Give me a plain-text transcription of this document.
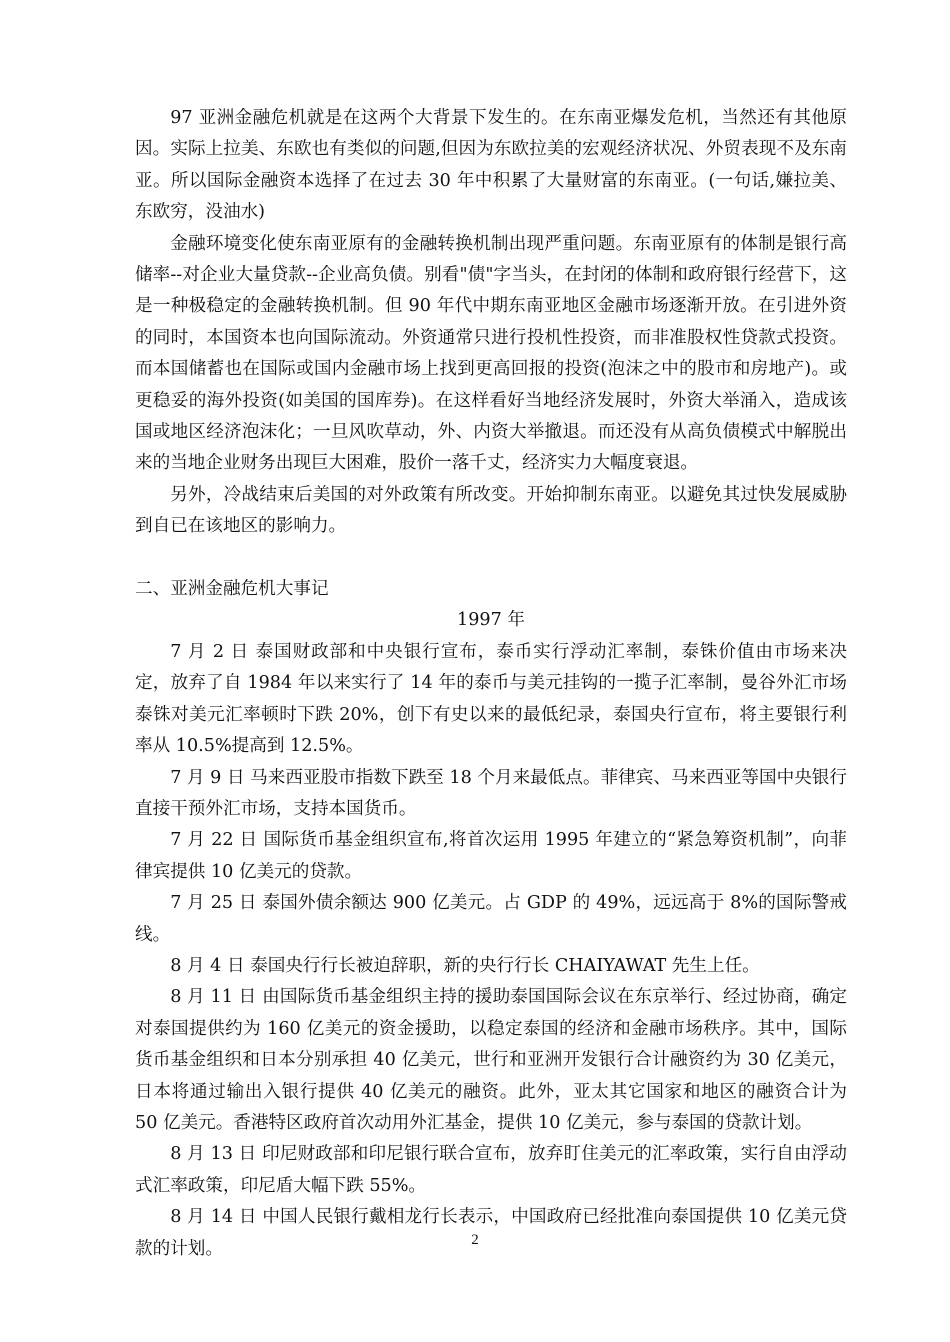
97 亚洲金融危机就是在这两个大背景下发生的。在东南亚爆发危机，当然还有其他原因。实际上拉美、东欧也有类似的问题,但因为东欧拉美的宏观经济状况、外贸表现不及东南亚。所以国际金融资本选择了在过去 30 年中积累了大量财富的东南亚。(一句话,嫌拉美、东欧穷，没油水)

金融环境变化使东南亚原有的金融转换机制出现严重问题。东南亚原有的体制是银行高储率--对企业大量贷款--企业高负债。别看"债"字当头，在封闭的体制和政府银行经营下，这是一种极稳定的金融转换机制。但 90 年代中期东南亚地区金融市场逐渐开放。在引进外资的同时，本国资本也向国际流动。外资通常只进行投机性投资，而非准股权性贷款式投资。而本国储蓄也在国际或国内金融市场上找到更高回报的投资(泡沫之中的股市和房地产)。或更稳妥的海外投资(如美国的国库券)。在这样看好当地经济发展时，外资大举涌入，造成该国或地区经济泡沫化；一旦风吹草动，外、内资大举撤退。而还没有从高负债模式中解脱出来的当地企业财务出现巨大困难，股价一落千丈，经济实力大幅度衰退。

另外，冷战结束后美国的对外政策有所改变。开始抑制东南亚。以避免其过快发展威胁到自已在该地区的影响力。

二、亚洲金融危机大事记

1997 年

7 月 2 日 泰国财政部和中央银行宣布，泰币实行浮动汇率制，泰铢价值由市场来决定，放弃了自 1984 年以来实行了 14 年的泰币与美元挂钩的一揽子汇率制，曼谷外汇市场泰铢对美元汇率顿时下跌 20%，创下有史以来的最低纪录，泰国央行宣布，将主要银行利率从 10.5%提高到 12.5%。

7 月 9 日 马来西亚股市指数下跌至 18 个月来最低点。菲律宾、马来西亚等国中央银行直接干预外汇市场，支持本国货币。

7 月 22 日 国际货币基金组织宣布,将首次运用 1995 年建立的“紧急筹资机制”，向菲律宾提供 10 亿美元的贷款。

7 月 25 日 泰国外债余额达 900 亿美元。占 GDP 的 49%，远远高于 8%的国际警戒线。

8 月 4 日 泰国央行行长被迫辞职，新的央行行长 CHAIYAWAT 先生上任。

8 月 11 日 由国际货币基金组织主持的援助泰国国际会议在东京举行、经过协商，确定对泰国提供约为 160 亿美元的资金援助，以稳定泰国的经济和金融市场秩序。其中，国际货币基金组织和日本分别承担 40 亿美元，世行和亚洲开发银行合计融资约为 30 亿美元，日本将通过输出入银行提供 40 亿美元的融资。此外，亚太其它国家和地区的融资合计为 50 亿美元。香港特区政府首次动用外汇基金，提供 10 亿美元，参与泰国的贷款计划。

8 月 13 日 印尼财政部和印尼银行联合宣布，放弃盯住美元的汇率政策，实行自由浮动式汇率政策，印尼盾大幅下跌 55%。

8 月 14 日 中国人民银行戴相龙行长表示，中国政府已经批准向泰国提供 10 亿美元贷款的计划。	2
